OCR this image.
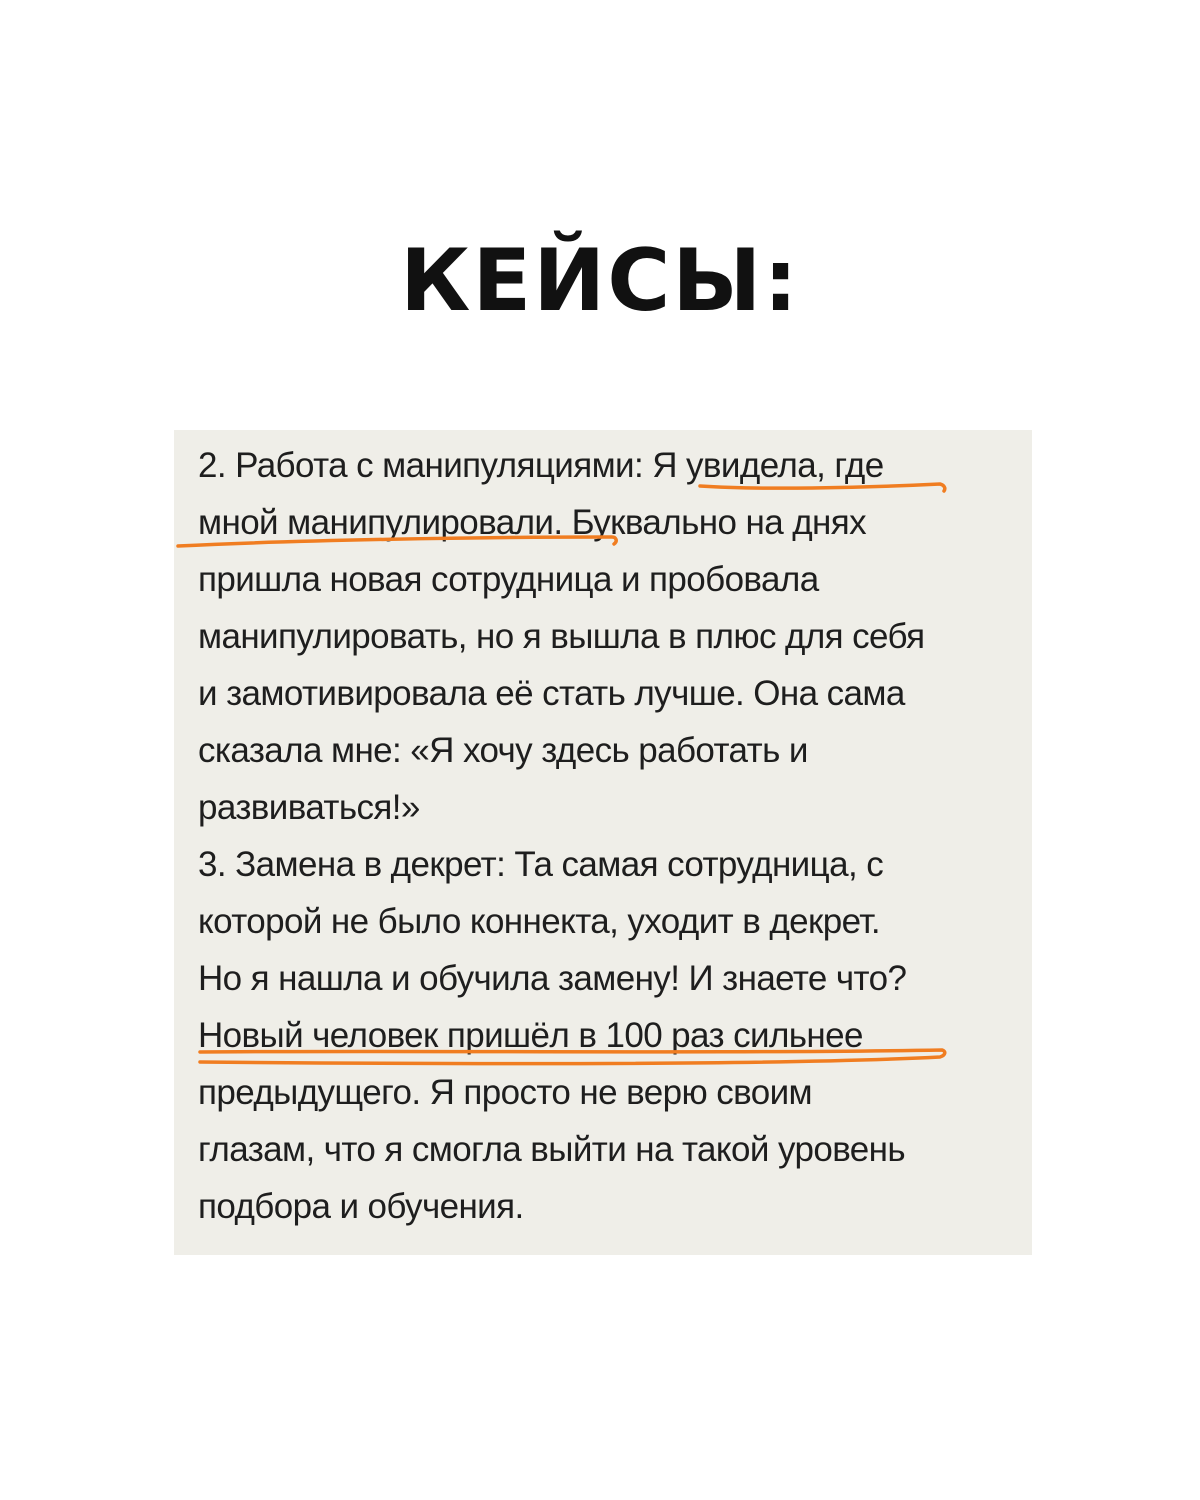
КЕЙСЫ:
2. Работа с манипуляциями: Я увидела, где
мной манипулировали. Буквально на днях
пришла новая сотрудница и пробовала
манипулировать, но я вышла в плюс для себя
и замотивировала её стать лучше. Она сама
сказала мне: «Я хочу здесь работать и
развиваться!»
3. Замена в декрет: Та самая сотрудница, с
которой не было коннекта, уходит в декрет.
Но я нашла и обучила замену! И знаете что?
Новый человек пришёл в 100 раз сильнее
предыдущего. Я просто не верю своим
глазам, что я смогла выйти на такой уровень
подбора и обучения.
